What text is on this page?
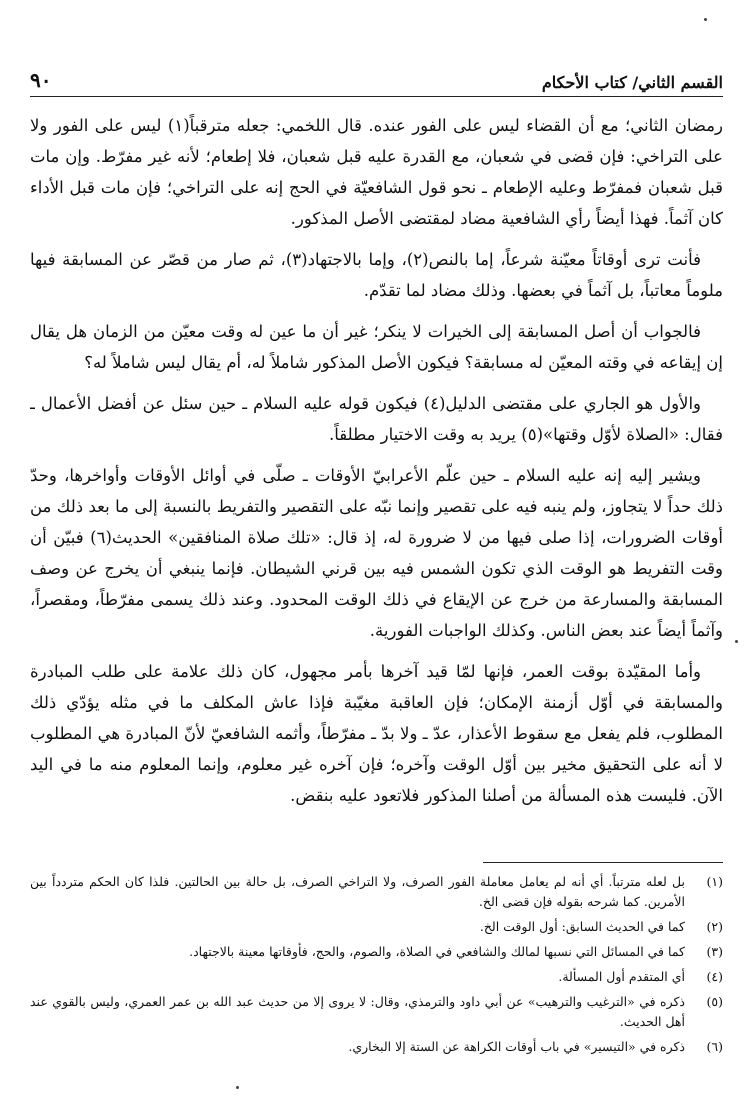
القسم الثاني/ كتاب الأحكام
٩٠

رمضان الثاني؛ مع أن القضاء ليس على الفور عنده. قال اللخمي: جعله مترقباً(١) ليس على الفور ولا على التراخي: فإن قضى في شعبان، مع القدرة عليه قبل شعبان، فلا إطعام؛ لأنه غير مفرّط. وإن مات قبل شعبان فمفرّط وعليه الإطعام ـ نحو قول الشافعيّة في الحج إنه على التراخي؛ فإن مات قبل الأداء كان آثماً. فهذا أيضاً رأي الشافعية مضاد لمقتضى الأصل المذكور.

فأنت ترى أوقاتاً معيّنة شرعاً، إما بالنص(٢)، وإما بالاجتهاد(٣)، ثم صار من قصّر عن المسابقة فيها ملوماً معاتباً، بل آثماً في بعضها. وذلك مضاد لما تقدّم.

فالجواب أن أصل المسابقة إلى الخيرات لا ينكر؛ غير أن ما عين له وقت معيّن من الزمان هل يقال إن إيقاعه في وقته المعيّن له مسابقة؟ فيكون الأصل المذكور شاملاً له، أم يقال ليس شاملاً له؟

والأول هو الجاري على مقتضى الدليل(٤) فيكون قوله عليه السلام ـ حين سئل عن أفضل الأعمال ـ فقال: «الصلاة لأوّل وقتها»(٥) يريد به وقت الاختيار مطلقاً.

ويشير إليه إنه عليه السلام ـ حين علّم الأعرابيّ الأوقات ـ صلّى في أوائل الأوقات وأواخرها، وحدّ ذلك حداً لا يتجاوز، ولم ينبه فيه على تقصير وإنما نبّه على التقصير والتفريط بالنسبة إلى ما بعد ذلك من أوقات الضرورات، إذا صلى فيها من لا ضرورة له، إذ قال: «تلك صلاة المنافقين» الحديث(٦) فبيّن أن وقت التفريط هو الوقت الذي تكون الشمس فيه بين قرني الشيطان. فإنما ينبغي أن يخرج عن وصف المسابقة والمسارعة من خرج عن الإيقاع في ذلك الوقت المحدود. وعند ذلك يسمى مفرّطاً، ومقصراً، وآثماً أيضاً عند بعض الناس. وكذلك الواجبات الفورية.

وأما المقيّدة بوقت العمر، فإنها لمّا قيد آخرها بأمر مجهول، كان ذلك علامة على طلب المبادرة والمسابقة في أوّل أزمنة الإمكان؛ فإن العاقبة مغيّبة فإذا عاش المكلف ما في مثله يؤدّي ذلك المطلوب، فلم يفعل مع سقوط الأعذار، عدّ ـ ولا بدّ ـ مفرّطاً، وأثمه الشافعيّ لأنّ المبادرة هي المطلوب لا أنه على التحقيق مخير بين أوّل الوقت وآخره؛ فإن آخره غير معلوم، وإنما المعلوم منه ما في اليد الآن. فليست هذه المسألة من أصلنا المذكور فلاتعود عليه بنقض.

(١)
بل لعله مترتباً. أي أنه لم يعامل معاملة الفور الصرف، ولا التراخي الصرف، بل حالة بين الحالتين. فلذا كان الحكم متردداً بين الأمرين. كما شرحه بقوله فإن قضى الخ.
(٢)
كما في الحديث السابق: أول الوقت الخ.
(٣)
كما في المسائل التي نسبها لمالك والشافعي في الصلاة، والصوم، والحج، فأوقاتها معينة بالاجتهاد.
(٤)
أي المتقدم أول المسألة.
(٥)
ذكره في «الترغيب والترهيب» عن أبي داود والترمذي، وقال: لا يروى إلا من حديث عبد الله بن عمر العمري، وليس بالقوي عند أهل الحديث.
(٦)
ذكره في «التيسير» في باب أوقات الكراهة عن الستة إلا البخاري.
